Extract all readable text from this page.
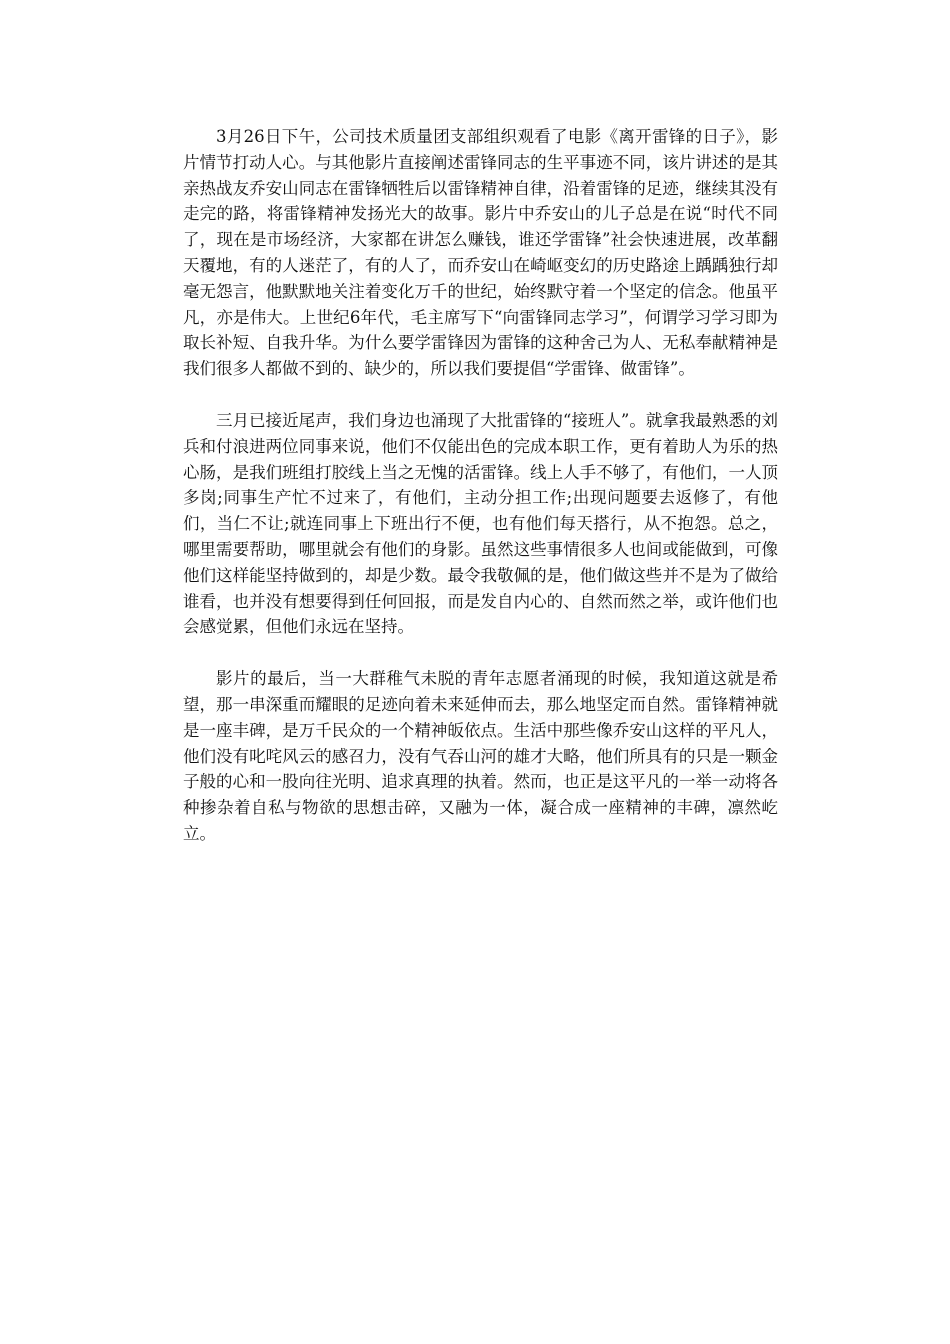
3月26日下午，公司技术质量团支部组织观看了电影《离开雷锋的日子》，影片情节打动人心。与其他影片直接阐述雷锋同志的生平事迹不同，该片讲述的是其亲热战友乔安山同志在雷锋牺牲后以雷锋精神自律，沿着雷锋的足迹，继续其没有走完的路，将雷锋精神发扬光大的故事。影片中乔安山的儿子总是在说“时代不同了，现在是市场经济，大家都在讲怎么赚钱，谁还学雷锋”社会快速进展，改革翻天覆地，有的人迷茫了，有的人了，而乔安山在崎岖变幻的历史路途上踽踽独行却毫无怨言，他默默地关注着变化万千的世纪，始终默守着一个坚定的信念。他虽平凡，亦是伟大。上世纪6年代，毛主席写下“向雷锋同志学习”，何谓学习学习即为取长补短、自我升华。为什么要学雷锋因为雷锋的这种舍己为人、无私奉献精神是我们很多人都做不到的、缺少的，所以我们要提倡“学雷锋、做雷锋”。

三月已接近尾声，我们身边也涌现了大批雷锋的“接班人”。就拿我最熟悉的刘兵和付浪进两位同事来说，他们不仅能出色的完成本职工作，更有着助人为乐的热心肠，是我们班组打胶线上当之无愧的活雷锋。线上人手不够了，有他们，一人顶多岗;同事生产忙不过来了，有他们，主动分担工作;出现问题要去返修了，有他们，当仁不让;就连同事上下班出行不便，也有他们每天搭行，从不抱怨。总之，哪里需要帮助，哪里就会有他们的身影。虽然这些事情很多人也间或能做到，可像他们这样能坚持做到的，却是少数。最令我敬佩的是，他们做这些并不是为了做给谁看，也并没有想要得到任何回报，而是发自内心的、自然而然之举，或许他们也会感觉累，但他们永远在坚持。

影片的最后，当一大群稚气未脱的青年志愿者涌现的时候，我知道这就是希望，那一串深重而耀眼的足迹向着未来延伸而去，那么地坚定而自然。雷锋精神就是一座丰碑，是万千民众的一个精神皈依点。生活中那些像乔安山这样的平凡人，他们没有叱咤风云的感召力，没有气吞山河的雄才大略，他们所具有的只是一颗金子般的心和一股向往光明、追求真理的执着。然而，也正是这平凡的一举一动将各种掺杂着自私与物欲的思想击碎，又融为一体，凝合成一座精神的丰碑，凛然屹立。
